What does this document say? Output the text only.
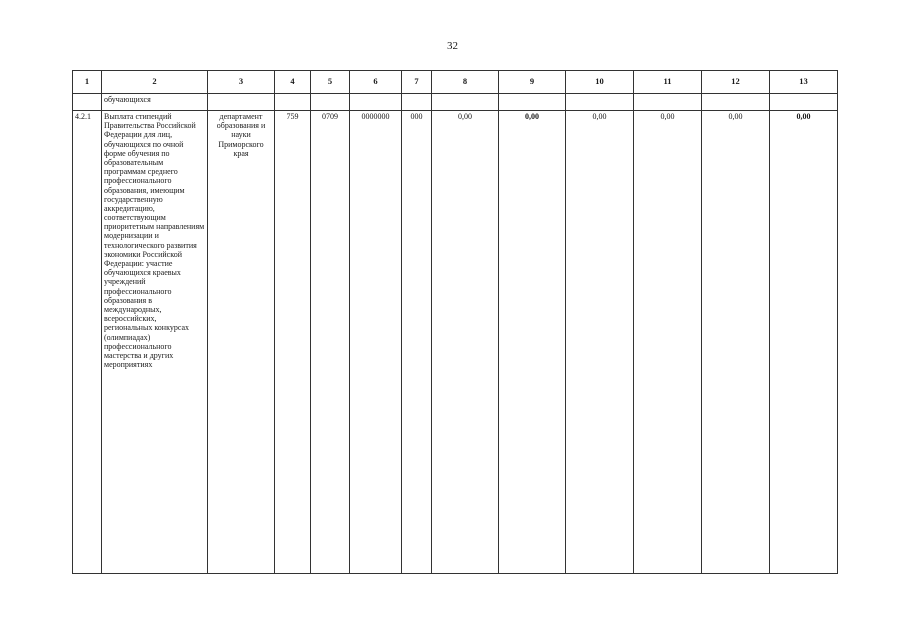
32
1	2	3	4	5	6	7	8	9	10	11	12	13
	обучающихся											
4.2.1	Выплата стипендий Правительства Российской Федерации для лиц, обучающихся по очной форме обучения по образовательным программам среднего профессионального образования, имеющим государственную аккредитацию, соответствующим приоритетным направлениям модернизации и технологического развития экономики Российской Федерации: участие обучающихся краевых учреждений профессионального образования в международных, всероссийских, региональных конкурсах (олимпиадах) профессионального мастерства и других мероприятиях	департамент образования и науки Приморского края	759	0709	0000000	000	0,00	0,00	0,00	0,00	0,00	0,00
